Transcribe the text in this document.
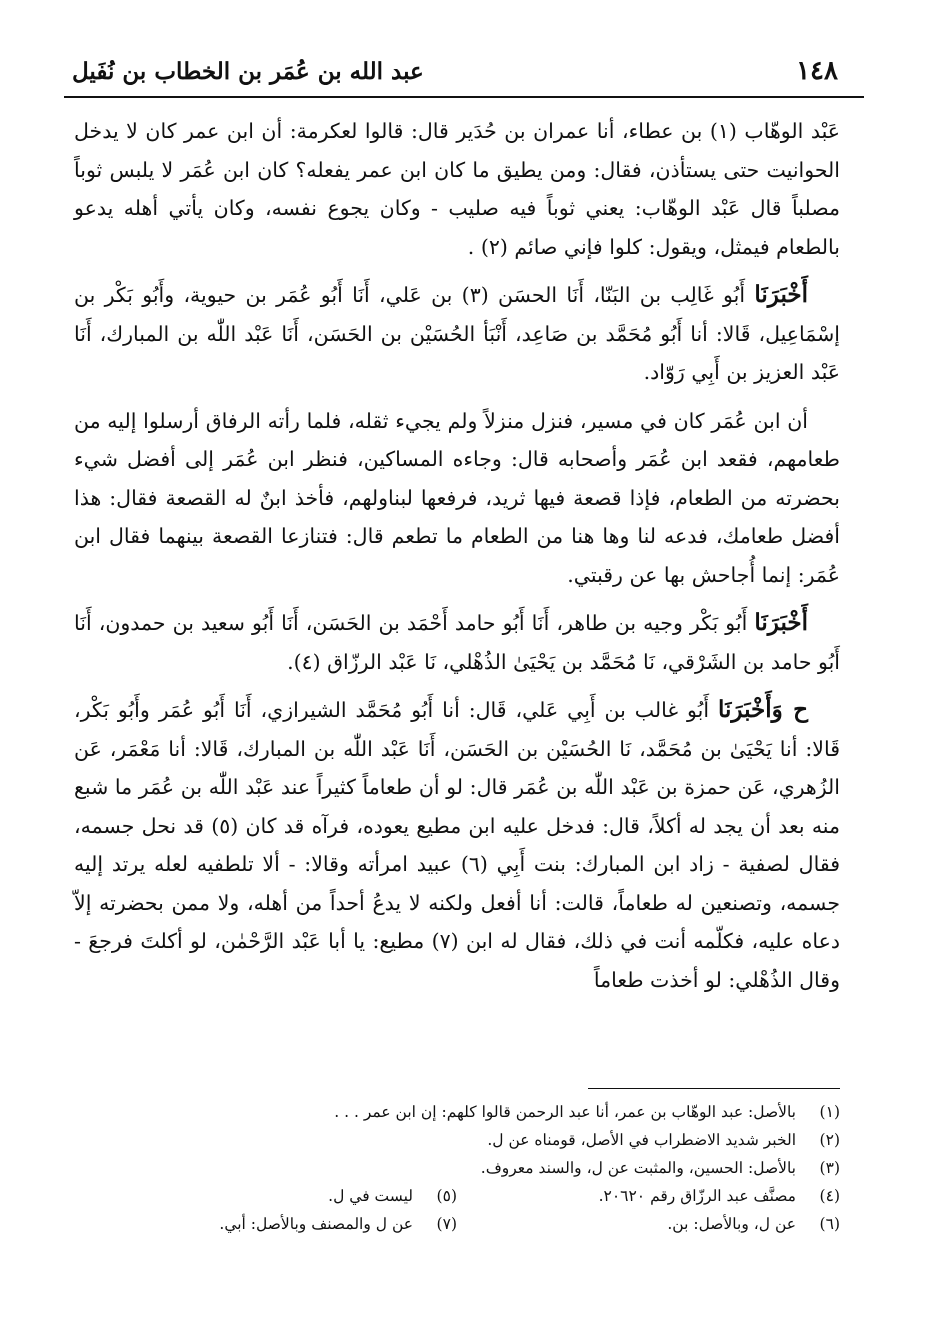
١٤٨
عبد الله بن عُمَر بن الخطاب بن نُفَيل

عَبْد الوهّاب (١) بن عطاء، أنا عمران بن حُدَير قال: قالوا لعكرمة: أن ابن عمر كان لا يدخل الحوانيت حتى يستأذن، فقال: ومن يطيق ما كان ابن عمر يفعله؟ كان ابن عُمَر لا يلبس ثوباً مصلباً قال عَبْد الوهّاب: يعني ثوباً فيه صليب - وكان يجوع نفسه، وكان يأتي أهله يدعو بالطعام فيمثل، ويقول: كلوا فإني صائم (٢) .

أَخْبَرَنَا أَبُو غَالِب بن البَنّا، أَنَا الحسَن (٣) بن عَلي، أَنَا أَبُو عُمَر بن حيوية، وأَبُو بَكْر بن إسْمَاعِيل، قَالا: أنا أَبُو مُحَمَّد بن صَاعِد، أَنْبَأ الحُسَيْن بن الحَسَن، أَنَا عَبْد اللّٰه بن المبارك، أَنَا عَبْد العزيز بن أَبِي رَوّاد.

أن ابن عُمَر كان في مسير، فنزل منزلاً ولم يجيء ثقله، فلما رأته الرفاق أرسلوا إليه من طعامهم، فقعد ابن عُمَر وأصحابه قال: وجاءه المساكين، فنظر ابن عُمَر إلى أفضل شيء بحضرته من الطعام، فإذا قصعة فيها ثريد، فرفعها لبناولهم، فأخذ ابنٌ له القصعة فقال: هذا أفضل طعامك، فدعه لنا وها هنا من الطعام ما تطعم قال: فتنازعا القصعة بينهما فقال ابن عُمَر: إنما أُجاحش بها عن رقبتي.

أَخْبَرَنَا أَبُو بَكْر وجيه بن طاهر، أَنَا أَبُو حامد أَحْمَد بن الحَسَن، أَنَا أَبُو سعيد بن حمدون، أَنَا أَبُو حامد بن الشَرْقي، نَا مُحَمَّد بن يَحْيَىٰ الذُهْلي، نَا عَبْد الرزّاق (٤).

ح وَأَخْبَرَنَا أَبُو غالب بن أَبِي عَلي، قَال: أنا أَبُو مُحَمَّد الشيرازي، أَنَا أَبُو عُمَر وأَبُو بَكْر، قَالا: أنا يَحْيَىٰ بن مُحَمَّد، نَا الحُسَيْن بن الحَسَن، أَنَا عَبْد اللّٰه بن المبارك، قَالا: أنا مَعْمَر، عَن الزُهري، عَن حمزة بن عَبْد اللّٰه بن عُمَر قال: لو أن طعاماً كثيراً عند عَبْد اللّٰه بن عُمَر ما شبع منه بعد أن يجد له أكلاً، قال: فدخل عليه ابن مطيع يعوده، فرآه قد كان (٥) قد نحل جسمه، فقال لصفية - زاد ابن المبارك: بنت أَبِي (٦) عبيد امرأته وقالا: - ألا تلطفيه لعله يرتد إليه جسمه، وتصنعين له طعاماً، قالت: أنا أفعل ولكنه لا يدعُ أحداً من أهله، ولا ممن بحضرته إلاّ دعاه عليه، فكلّمه أنت في ذلك، فقال له ابن (٧) مطيع: يا أبا عَبْد الرَّحْمٰن، لو أكلتَ فرجعَ - وقال الذُهْلي: لو أخذت طعاماً

(١)
بالأصل: عبد الوهّاب بن عمر، أنا عبد الرحمن قالوا كلهم: إن ابن عمر . . .
(٢)
الخبر شديد الاضطراب في الأصل، قومناه عن ل.
(٣)
بالأصل: الحسين، والمثبت عن ل، والسند معروف.
(٤)
مصنَّف عبد الرزّاق رقم ٢٠٦٢٠.
(٥)
ليست في ل.
(٦)
عن ل، وبالأصل: بن.
(٧)
عن ل والمصنف وبالأصل: أبي.
